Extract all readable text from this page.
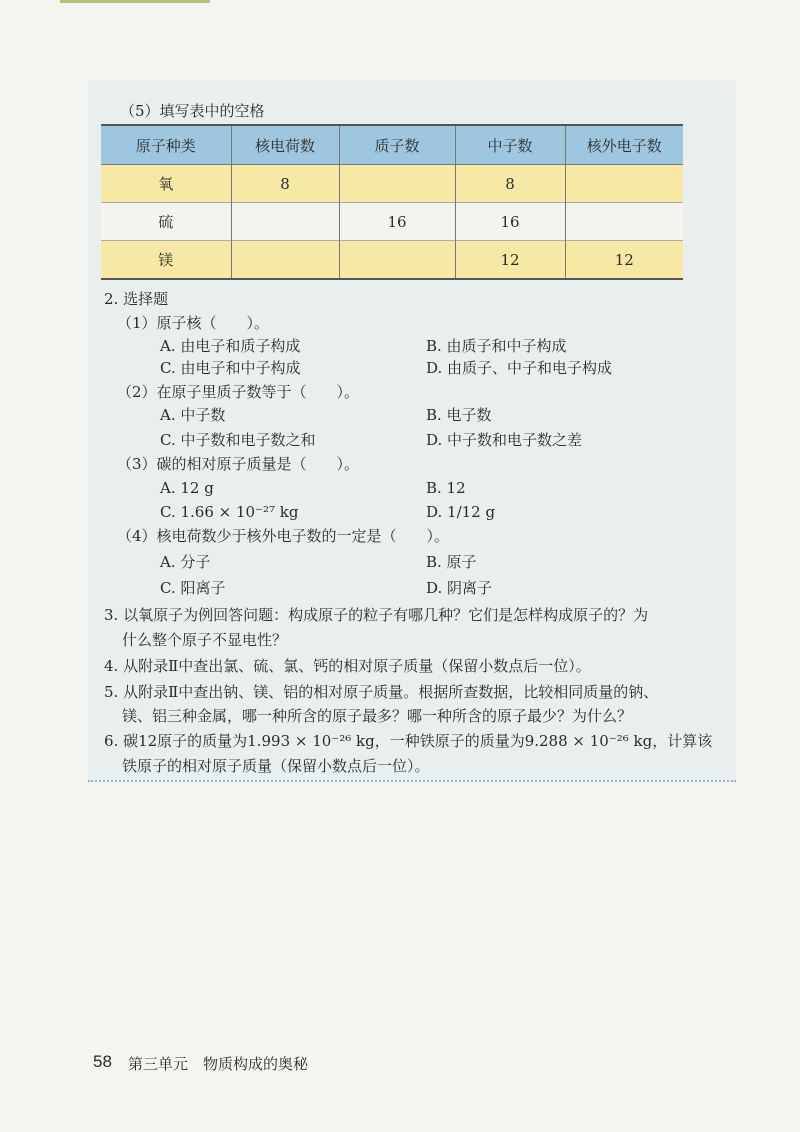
（5）填写表中的空格
原子种类	核电荷数	质子数	中子数	核外电子数
氧	8		8	
硫		16	16	
镁			12	12
2. 选择题
（1）原子核（　　）。
A. 由电子和质子构成	B. 由质子和中子构成
C. 由电子和中子构成	D. 由质子、中子和电子构成
（2）在原子里质子数等于（　　）。
A. 中子数	B. 电子数
C. 中子数和电子数之和	D. 中子数和电子数之差
（3）碳的相对原子质量是（　　）。
A. 12 g	B. 12
C. 1.66 × 10⁻²⁷ kg	D. 1/12 g
（4）核电荷数少于核外电子数的一定是（　　）。
A. 分子	B. 原子
C. 阳离子	D. 阴离子
3. 以氧原子为例回答问题：构成原子的粒子有哪几种？它们是怎样构成原子的？为
什么整个原子不显电性？
4. 从附录Ⅱ中查出氯、硫、氯、钙的相对原子质量（保留小数点后一位）。
5. 从附录Ⅱ中查出钠、镁、铝的相对原子质量。根据所查数据，比较相同质量的钠、
镁、铝三种金属，哪一种所含的原子最多？哪一种所含的原子最少？为什么？
6. 碳12原子的质量为1.993 × 10⁻²⁶ kg，一种铁原子的质量为9.288 × 10⁻²⁶ kg，计算该
铁原子的相对原子质量（保留小数点后一位）。
58 第三单元　物质构成的奥秘
